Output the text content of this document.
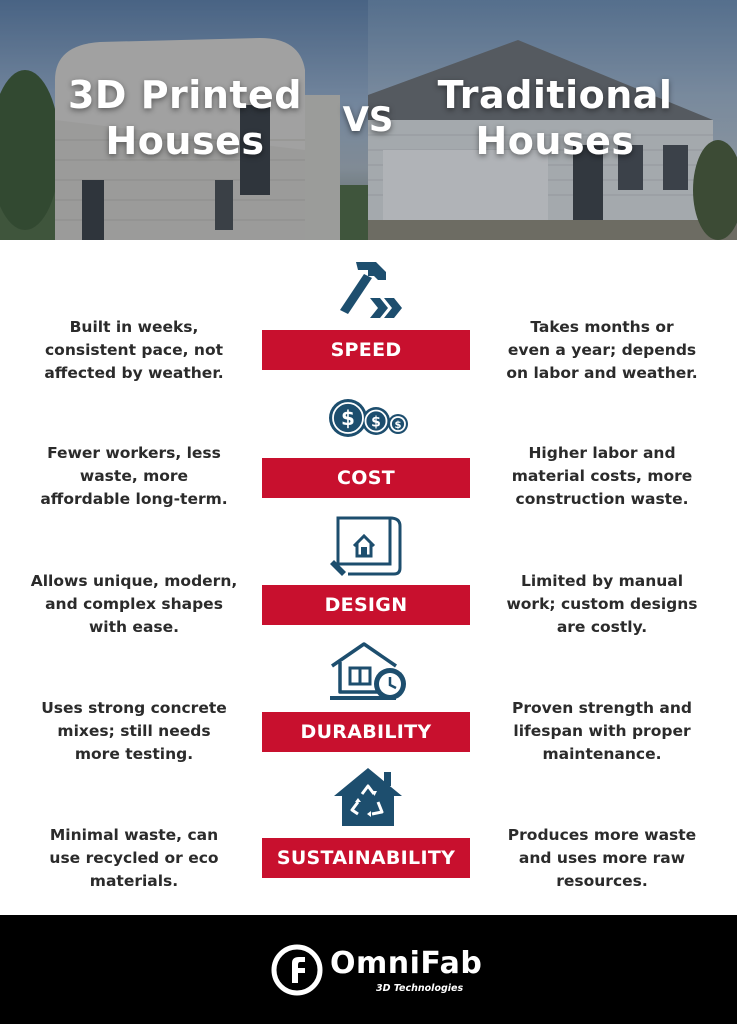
3D Printed
Houses	VS
Traditional
Houses
SPEED
Built in weeks,
consistent pace, not
affected by weather.
Takes months or
even a year; depends
on labor and weather.
$ $ $
COST
Fewer workers, less
waste, more
affordable long-term.
Higher labor and
material costs, more
construction waste.
DESIGN
Allows unique, modern,
and complex shapes
with ease.
Limited by manual
work; custom designs
are costly.
DURABILITY
Uses strong concrete
mixes; still needs
more testing.
Proven strength and
lifespan with proper
maintenance.
SUSTAINABILITY
Minimal waste, can
use recycled or eco
materials.
Produces more waste
and uses more raw
resources.
OmniFab
3D Technologies
